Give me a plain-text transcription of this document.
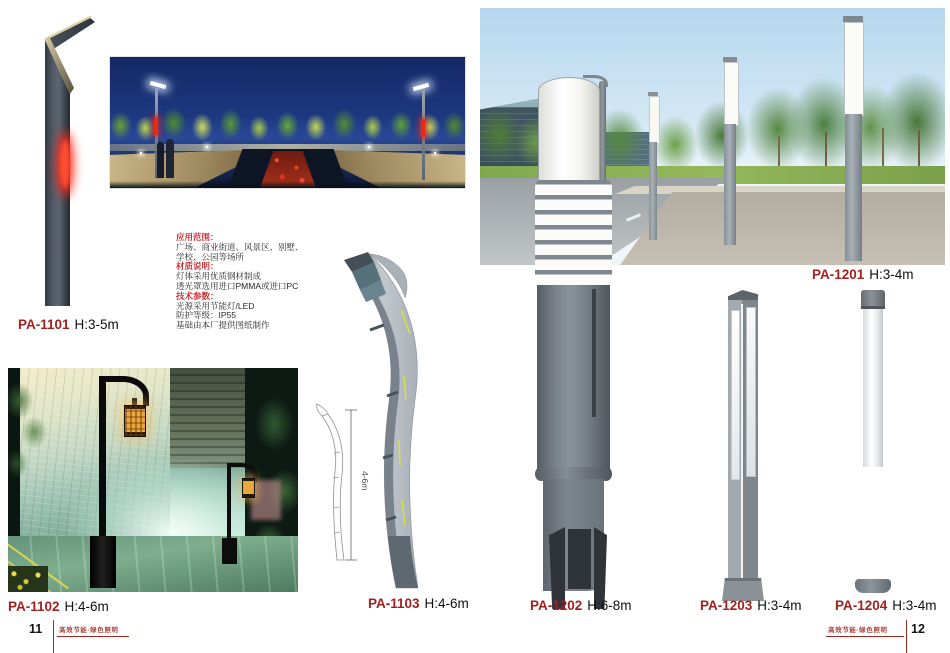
应用范围：
广场、商业街道、风景区、别墅、
学校、公园等场所
材质说明：
灯体采用优质钢材制成
透光罩选用进口PMMA或进口PC
技术参数：
光源采用节能灯/LED
防护等级：IP55
基础由本厂提供图纸制作
4-6m
PA-1101 H:3-5m
PA-1102 H:4-6m	PA-1103 H:4-6m
PA-1201 H:3-4m
PA-1202 H:6-8m	PA-1203 H:3-4m PA-1204 H:3-4m
11	高效节能·绿色照明	高效节能·绿色照明 12
